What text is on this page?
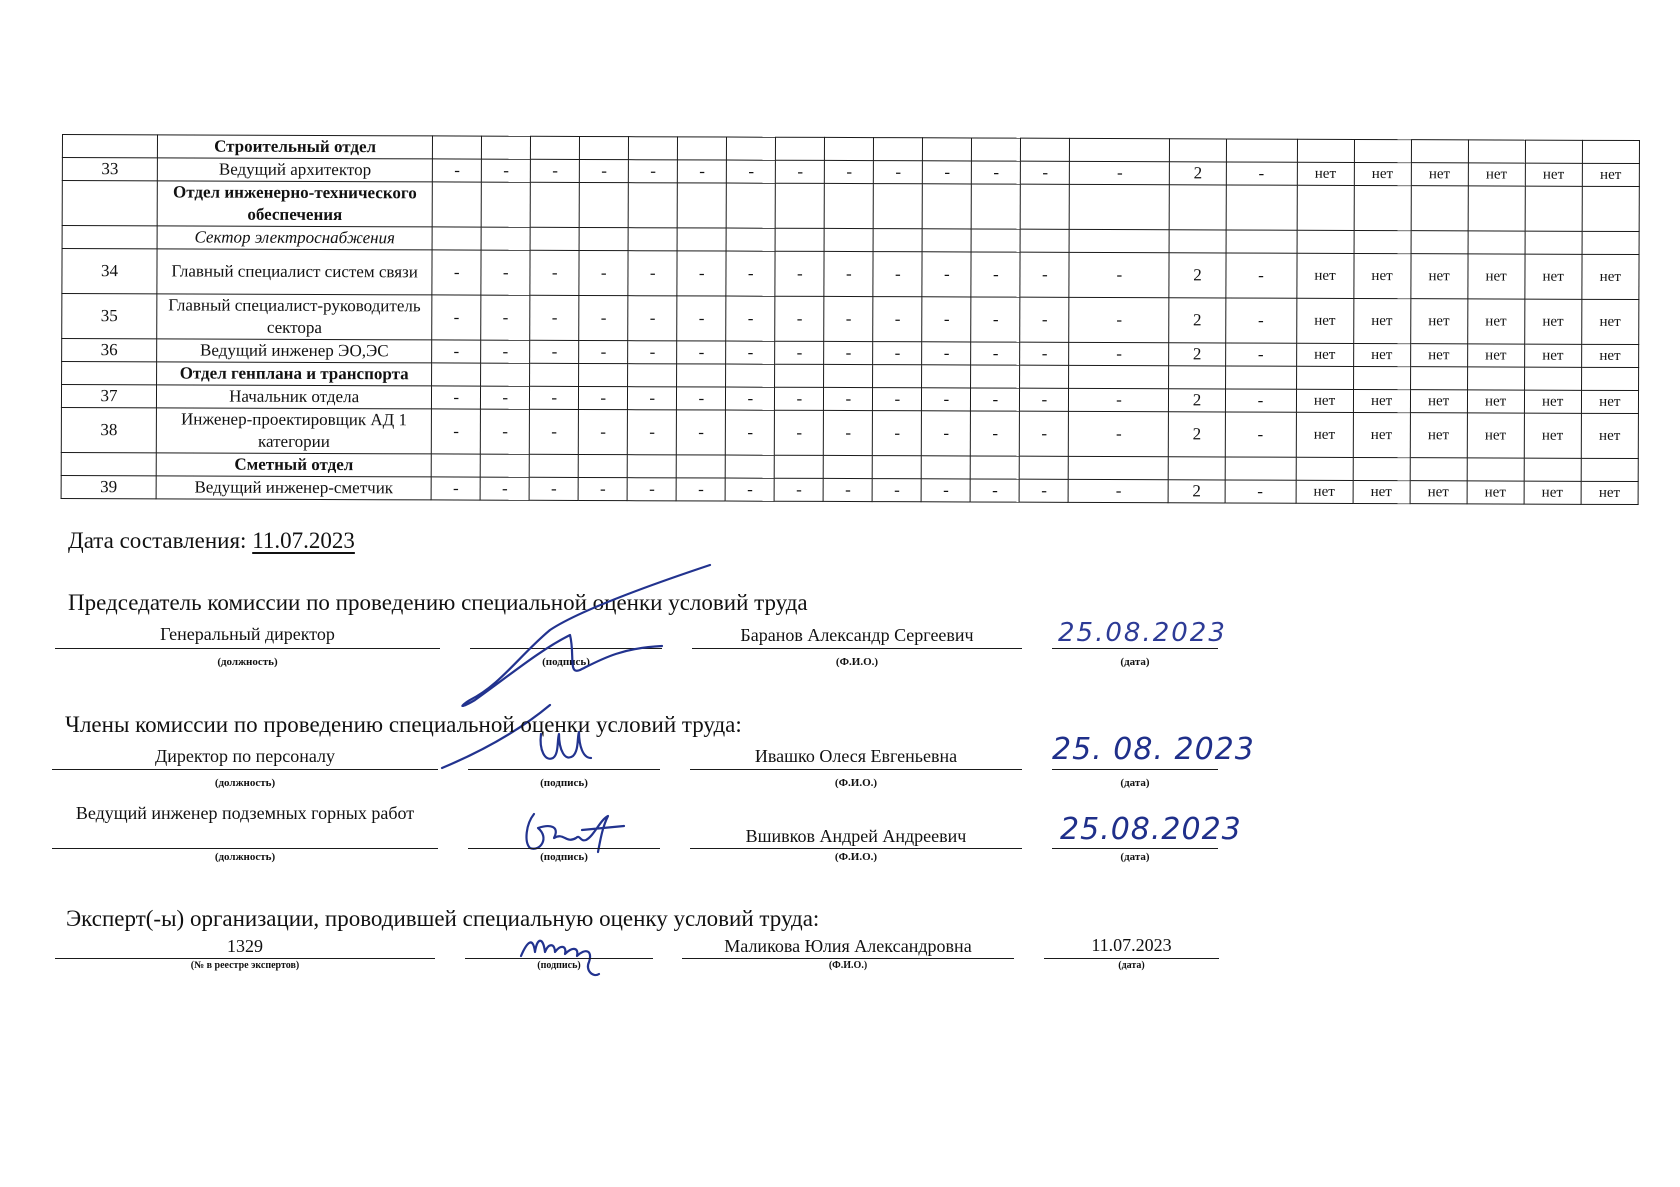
	Строительный отдел																						
33	Ведущий архитектор	-	-	-	-	-	-	-	-	-	-	-	-	-	-	2	-	нет	нет	нет	нет	нет	нет
	Отдел инженерно-технического обеспечения																						
	Сектор электроснабжения																						
34	Главный специалист систем связи	-	-	-	-	-	-	-	-	-	-	-	-	-	-	2	-	нет	нет	нет	нет	нет	нет
35	Главный специалист-руководитель сектора	-	-	-	-	-	-	-	-	-	-	-	-	-	-	2	-	нет	нет	нет	нет	нет	нет
36	Ведущий инженер ЭО,ЭС	-	-	-	-	-	-	-	-	-	-	-	-	-	-	2	-	нет	нет	нет	нет	нет	нет
	Отдел генплана и транспорта																						
37	Начальник отдела	-	-	-	-	-	-	-	-	-	-	-	-	-	-	2	-	нет	нет	нет	нет	нет	нет
38	Инженер-проектировщик АД 1 категории	-	-	-	-	-	-	-	-	-	-	-	-	-	-	2	-	нет	нет	нет	нет	нет	нет
	Сметный отдел																						
39	Ведущий инженер-сметчик	-	-	-	-	-	-	-	-	-	-	-	-	-	-	2	-	нет	нет	нет	нет	нет	нет
Дата составления: 11.07.2023
Председатель комиссии по проведению специальной оценки условий труда
Генеральный директор
(должность)	(подпись)
Баранов Александр Сергеевич
(Ф.И.О.)
25.08.2023
(дата)
Члены комиссии по проведению специальной оценки условий труда:
Директор по персоналу
(должность)	(подпись)
Ивашко Олеся Евгеньевна
(Ф.И.О.)
25. 08. 2023
(дата)
Ведущий инженер подземных горных работ
(должность)	(подпись)
Вшивков Андрей Андреевич
(Ф.И.О.)
25.08.2023
(дата)
Эксперт(-ы) организации, проводившей специальную оценку условий труда:
1329
(№ в реестре экспертов)	(подпись)
Маликова Юлия Александровна
(Ф.И.О.)
11.07.2023
(дата)
